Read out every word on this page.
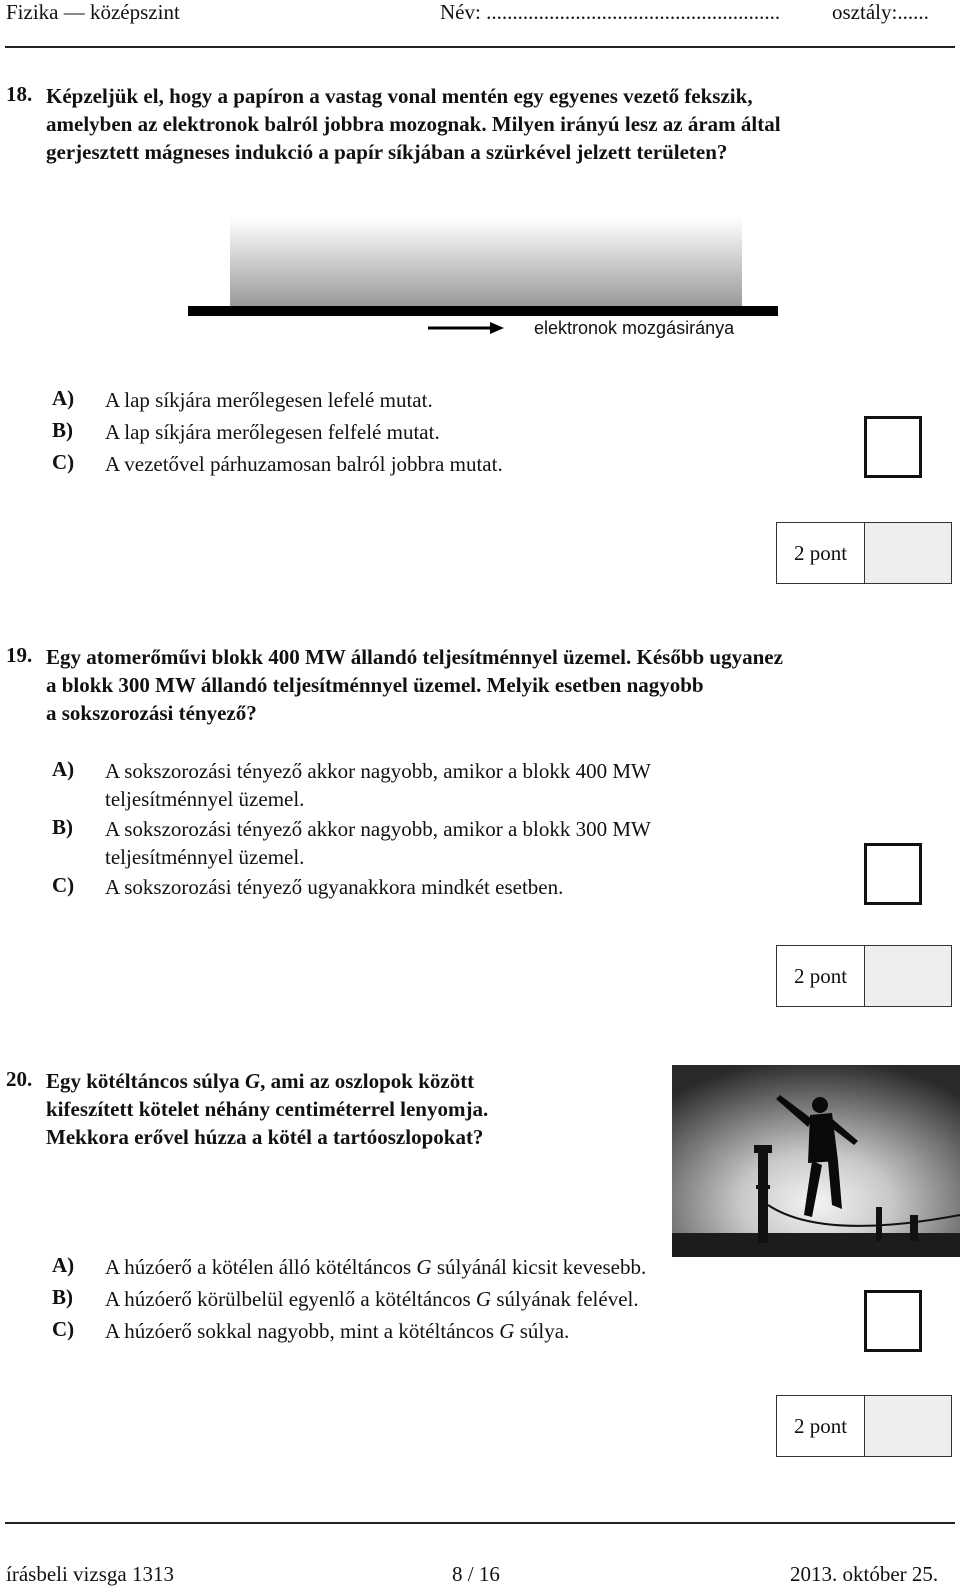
Fizika — középszint	Név: ........................................................ osztály:......
18. Képzeljük el, hogy a papíron a vastag vonal mentén egy egyenes vezető fekszik,
amelyben az elektronok balról jobbra mozognak. Milyen irányú lesz az áram által
gerjesztett mágneses indukció a papír síkjában a szürkével jelzett területen?
elektronok mozgásiránya
A) A lap síkjára merőlegesen lefelé mutat.
B) A lap síkjára merőlegesen felfelé mutat.
C) A vezetővel párhuzamosan balról jobbra mutat.
2 pont
19. Egy atomerőművi blokk 400 MW állandó teljesítménnyel üzemel. Később ugyanez
a blokk 300 MW állandó teljesítménnyel üzemel. Melyik esetben nagyobb
a sokszorozási tényező?
A) A sokszorozási tényező akkor nagyobb, amikor a blokk 400 MW
teljesítménnyel üzemel.
B) A sokszorozási tényező akkor nagyobb, amikor a blokk 300 MW
teljesítménnyel üzemel.
C) A sokszorozási tényező ugyanakkora mindkét esetben.
2 pont
20. Egy kötéltáncos súlya G, ami az oszlopok között
kifeszített kötelet néhány centiméterrel lenyomja.
Mekkora erővel húzza a kötél a tartóoszlopokat?
A) A húzóerő a kötélen álló kötéltáncos G súlyánál kicsit kevesebb.
B) A húzóerő körülbelül egyenlő a kötéltáncos G súlyának felével.
C) A húzóerő sokkal nagyobb, mint a kötéltáncos G súlya.
2 pont
írásbeli vizsga 1313	8 / 16	2013. október 25.
